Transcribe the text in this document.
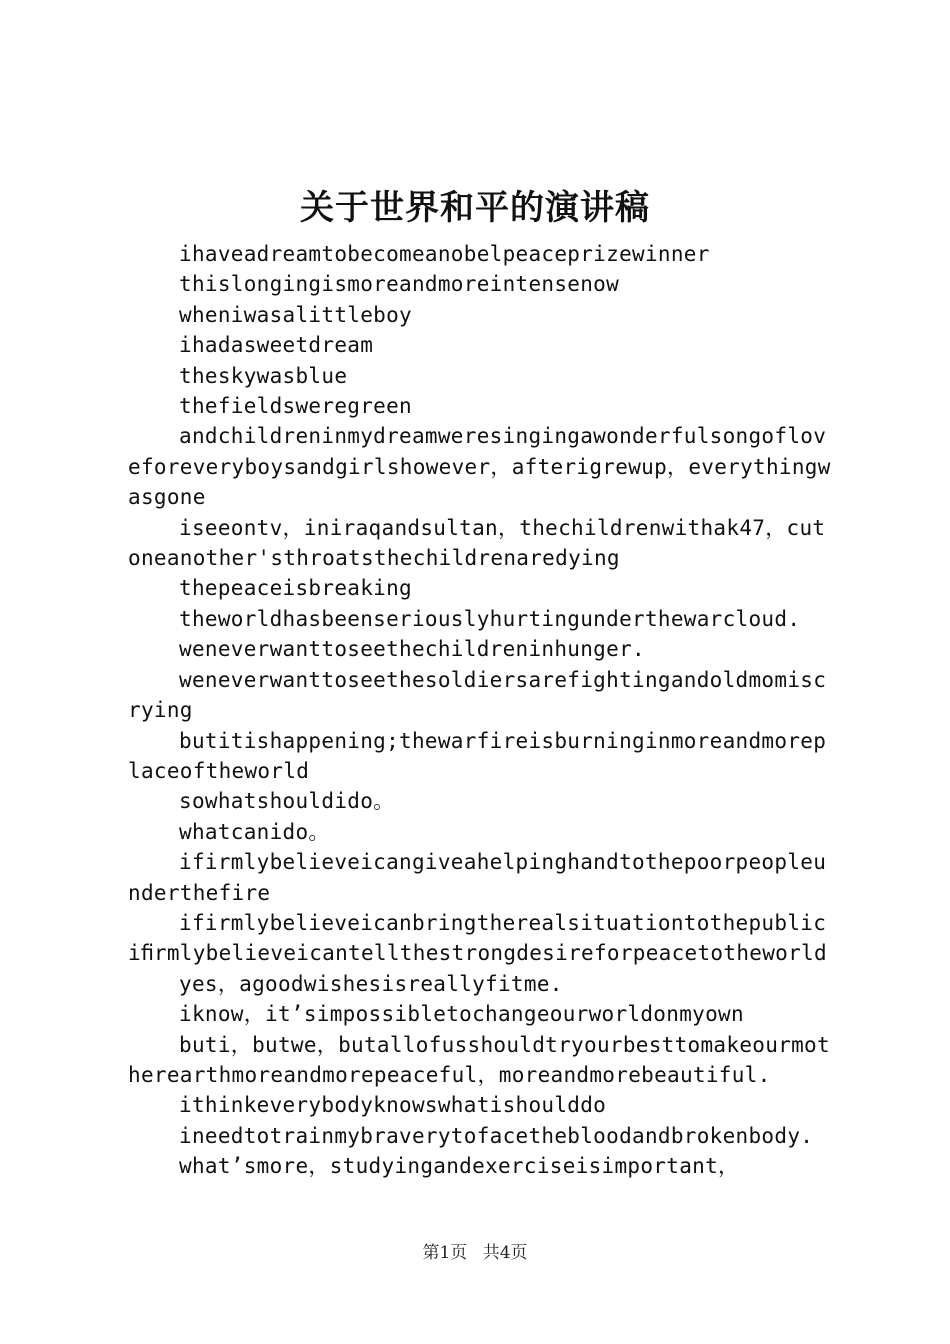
关于世界和平的演讲稿

ihaveadreamtobecomeanobelpeaceprizewinner

thislongingismoreandmoreintensenow

wheniwasalittleboy

ihadasweetdream

theskywasblue

thefieldsweregreen

andchildreninmydreamweresingingawonderfulsongofloveforeveryboysandgirlshowever，afterigrewup，everythingwasgone

iseeontv，iniraqandsultan，thechildrenwithak47，cutoneanother'sthroatsthechildrenaredying

thepeaceisbreaking

theworldhasbeenseriouslyhurtingunderthewarcloud.

weneverwanttoseethechildreninhunger.

weneverwanttoseethesoldiersarefightingandoldmomiscrying

butitishappening;thewarfireisburninginmoreandmoreplaceoftheworld

sowhatshouldido。

whatcanido。

ifirmlybelieveicangiveahelpinghandtothepoorpeopleunderthefire

ifirmlybelieveicanbringtherealsituationtothepubliciﬁrmlybelieveicantellthestrongdesireforpeacetotheworld

yes，agoodwishesisreallyfitme.

iknow，it’simpossibletochangeourworldonmyown

buti，butwe，butallofusshouldtryourbesttomakeourmotherearthmoreandmorepeaceful，moreandmorebeautiful.

ithinkeverybodyknowswhatishoulddo

ineedtotrainmybraverytofacethebloodandbrokenbody.

what’smore，studyingandexerciseisimportant，

第1页 共4页
